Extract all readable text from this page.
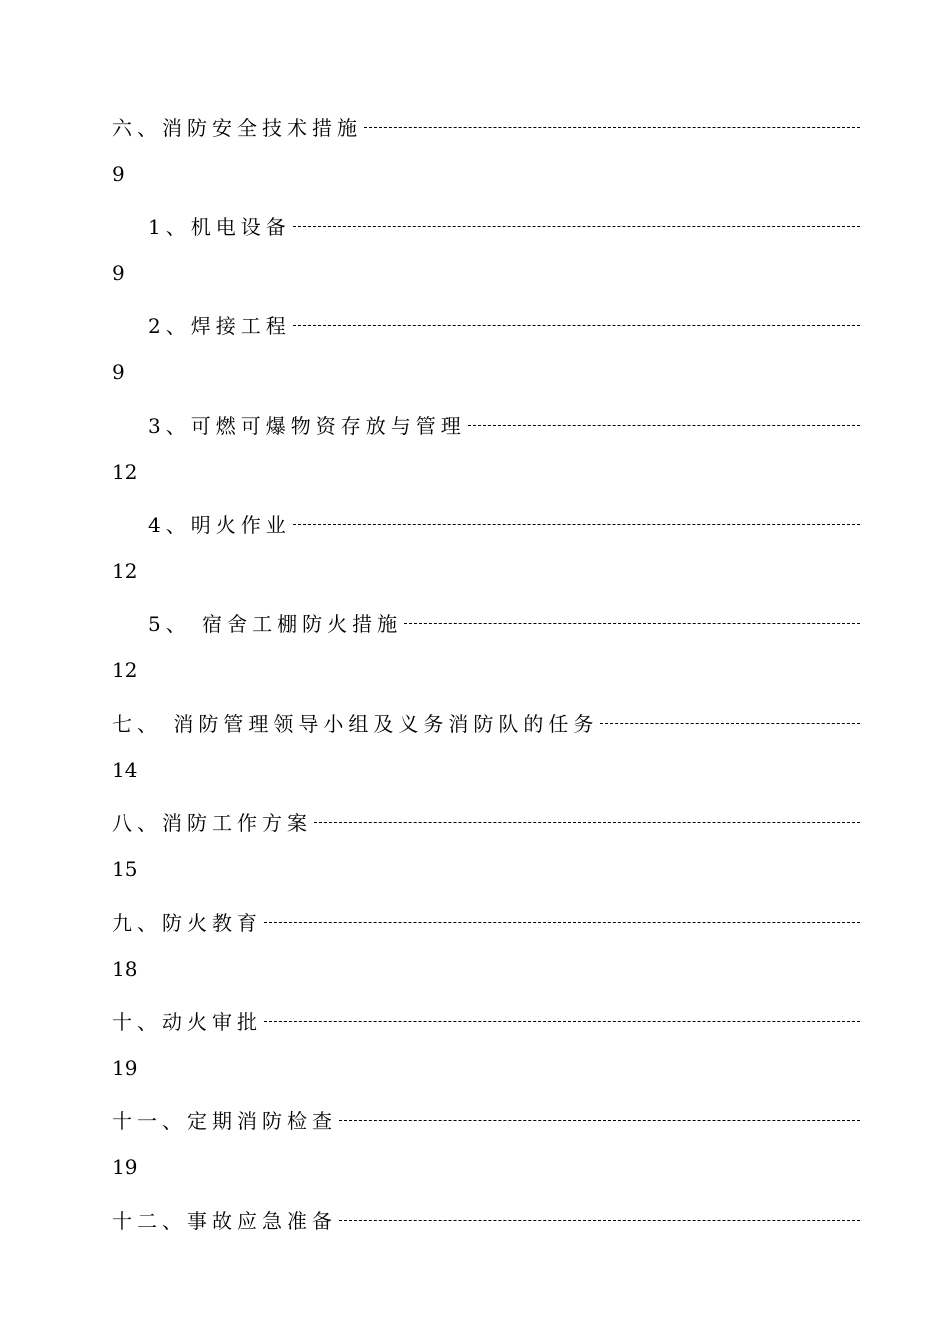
六、消防安全技术措施
9
1、机电设备
9
2、焊接工程
9
3、可燃可爆物资存放与管理
12
4、明火作业
12
5、 宿舍工棚防火措施
12
七、 消防管理领导小组及义务消防队的任务
14
八、消防工作方案
15
九、防火教育
18
十、动火审批
19
十一、定期消防检查
19
十二、事故应急准备
